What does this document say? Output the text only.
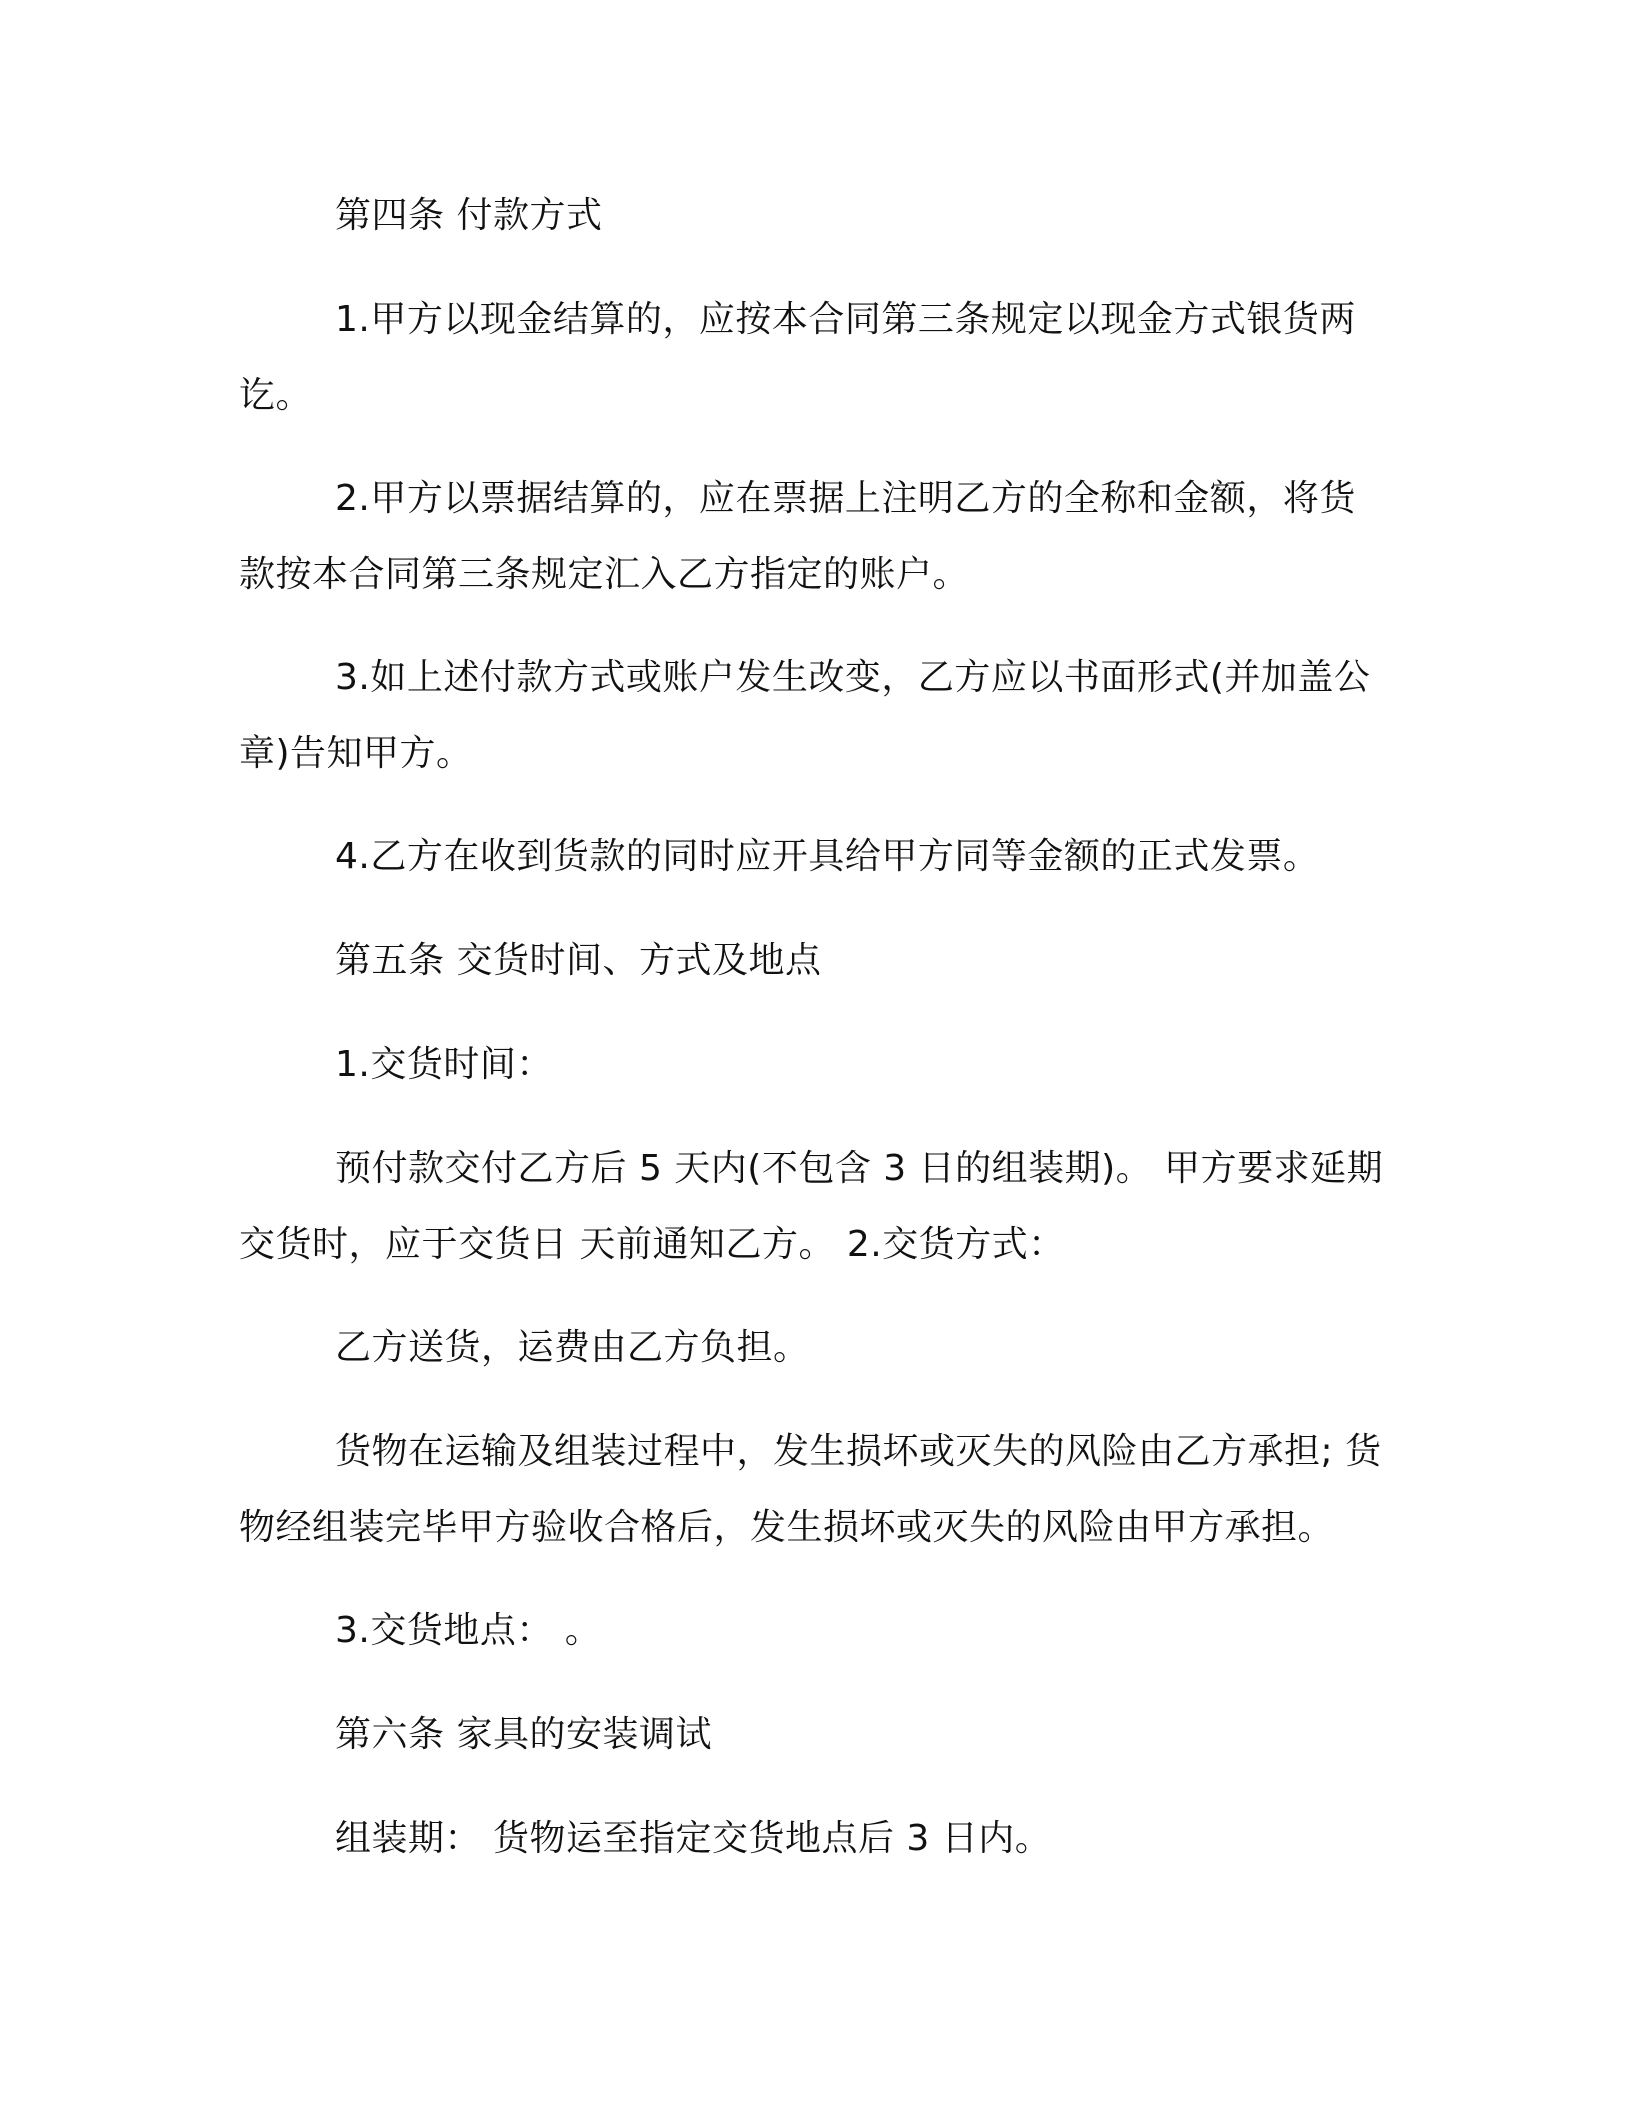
第四条 付款方式

1.甲方以现金结算的，应按本合同第三条规定以现金方式银货两讫。

2.甲方以票据结算的，应在票据上注明乙方的全称和金额，将货款按本合同第三条规定汇入乙方指定的账户。

3.如上述付款方式或账户发生改变，乙方应以书面形式(并加盖公章)告知甲方。

4.乙方在收到货款的同时应开具给甲方同等金额的正式发票。

第五条 交货时间、方式及地点

1.交货时间：

预付款交付乙方后 5 天内(不包含 3 日的组装期)。 甲方要求延期交货时，应于交货日 天前通知乙方。 2.交货方式：

乙方送货，运费由乙方负担。

货物在运输及组装过程中，发生损坏或灭失的风险由乙方承担; 货物经组装完毕甲方验收合格后，发生损坏或灭失的风险由甲方承担。

3.交货地点： 。

第六条 家具的安装调试

组装期： 货物运至指定交货地点后 3 日内。
